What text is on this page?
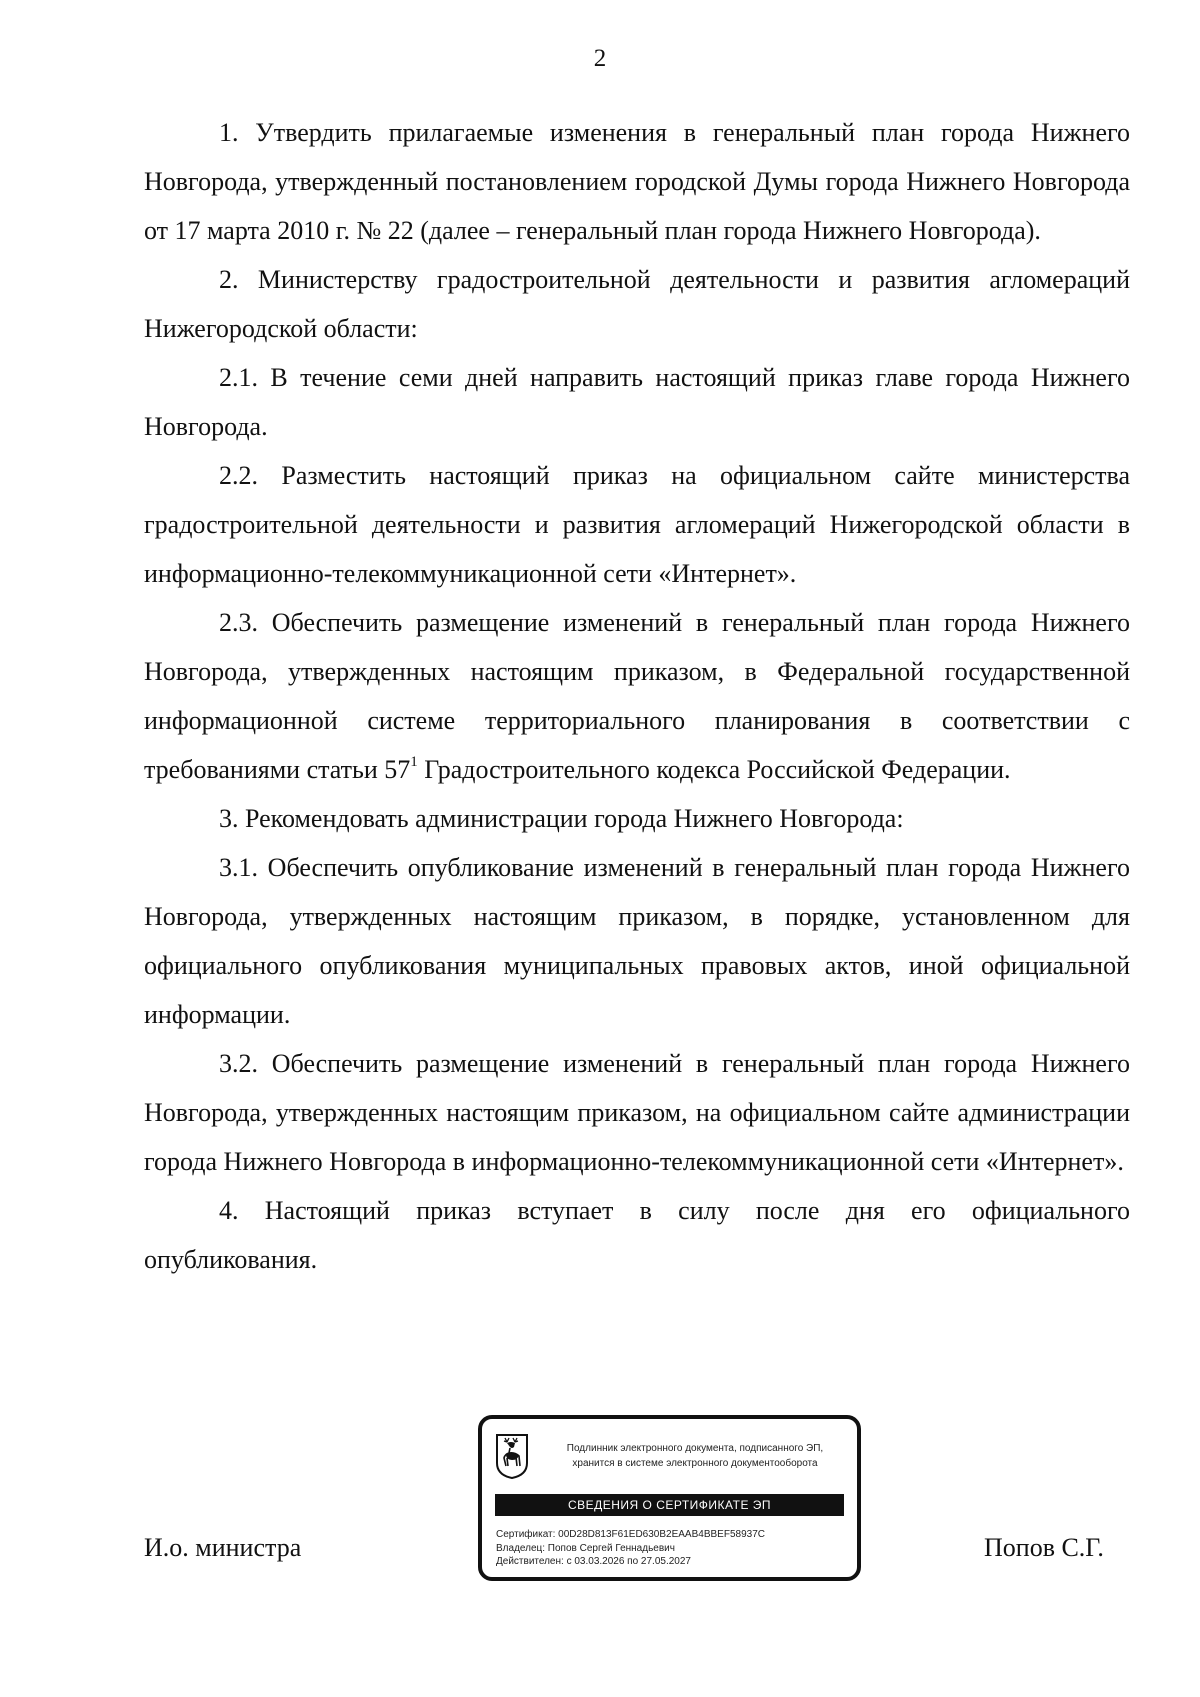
2

1. Утвердить прилагаемые изменения в генеральный план города Нижнего Новгорода, утвержденный постановлением городской Думы города Нижнего Новгорода от 17 марта 2010 г. № 22 (далее – генеральный план города Нижнего Новгорода).

2. Министерству градостроительной деятельности и развития агломераций Нижегородской области:

2.1. В течение семи дней направить настоящий приказ главе города Нижнего Новгорода.

2.2. Разместить настоящий приказ на официальном сайте министерства градостроительной деятельности и развития агломераций Нижегородской области в информационно-телекоммуникационной сети «Интернет».

2.3. Обеспечить размещение изменений в генеральный план города Нижнего Новгорода, утвержденных настоящим приказом, в Федеральной государственной информационной системе территориального планирования в соответствии с требованиями статьи 57$^1$ Градостроительного кодекса Российской Федерации.

3. Рекомендовать администрации города Нижнего Новгорода:

3.1. Обеспечить опубликование изменений в генеральный план города Нижнего Новгорода, утвержденных настоящим приказом, в порядке, установленном для официального опубликования муниципальных правовых актов, иной официальной информации.

3.2. Обеспечить размещение изменений в генеральный план города Нижнего Новгорода, утвержденных настоящим приказом, на официальном сайте администрации города Нижнего Новгорода в информационно-телекоммуникационной сети «Интернет».

4. Настоящий приказ вступает в силу после дня его официального опубликования.

Подлинник электронного документа, подписанного ЭП,
хранится в системе электронного документооборота
СВЕДЕНИЯ О СЕРТИФИКАТЕ ЭП
Сертификат: 00D28D813F61ED630B2EAAB4BBEF58937C
Владелец: Попов Сергей Геннадьевич
Действителен: с 03.03.2026 по 27.05.2027
И.о. министра	Попов С.Г.
